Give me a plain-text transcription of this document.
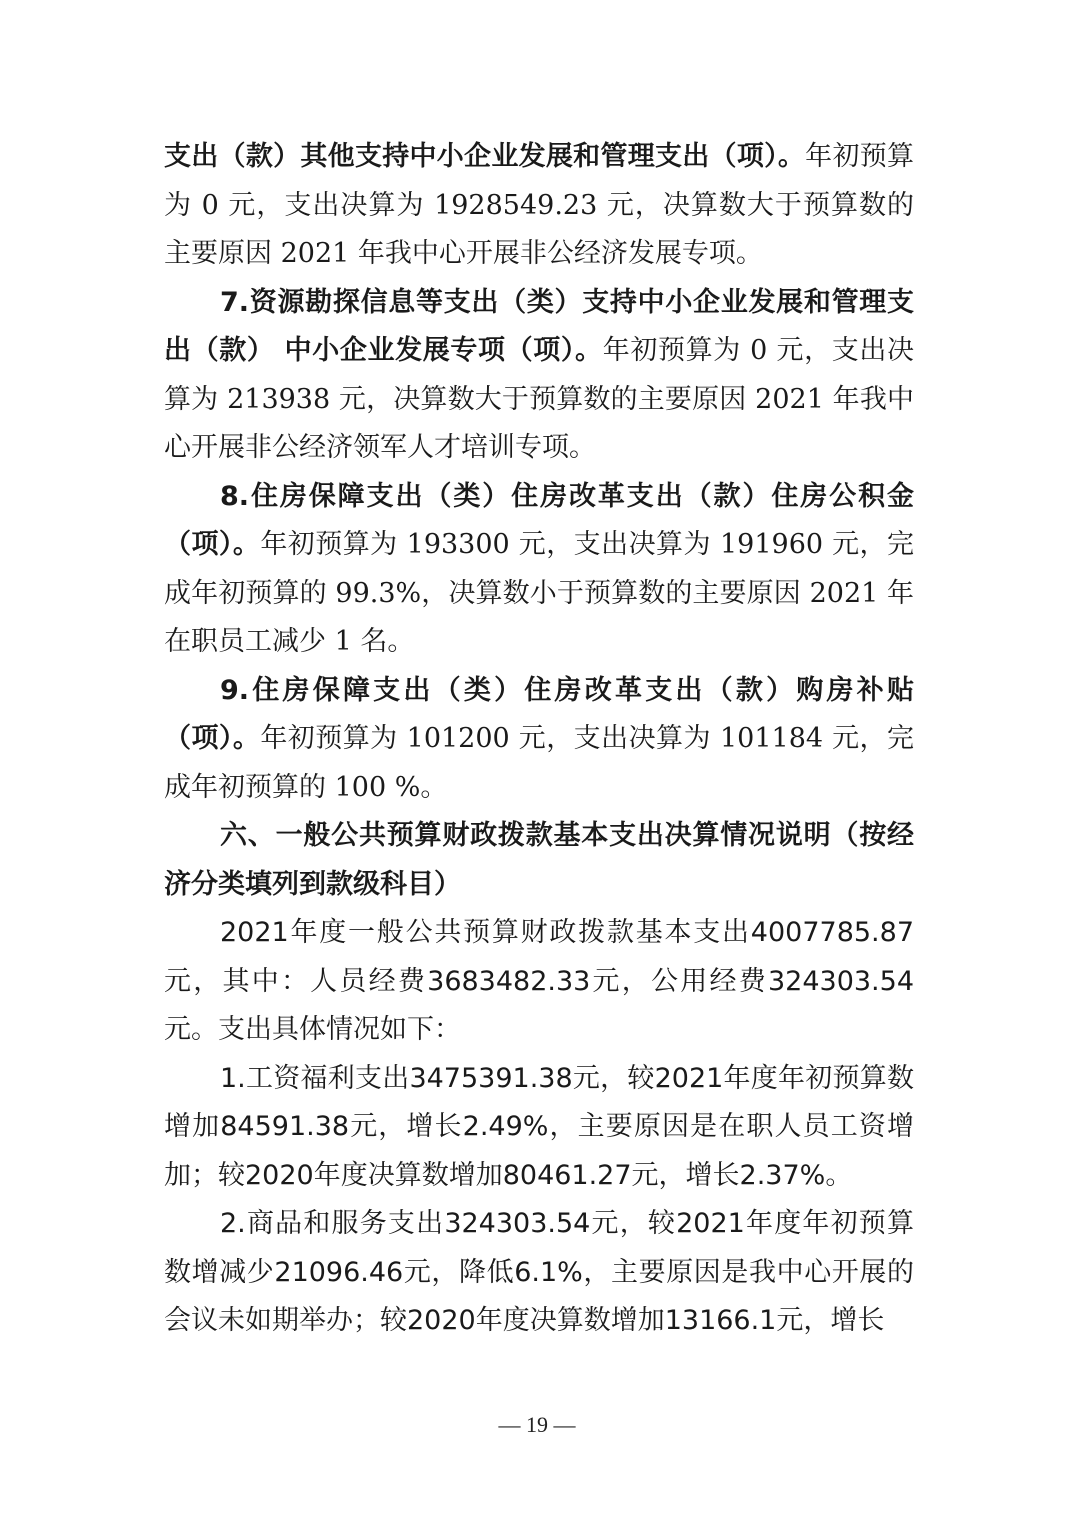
支出（款）其他支持中小企业发展和管理支出（项）。年初预算为 0 元，支出决算为 1928549.23 元，决算数大于预算数的主要原因 2021 年我中心开展非公经济发展专项。

7.资源勘探信息等支出（类）支持中小企业发展和管理支出（款） 中小企业发展专项（项）。年初预算为 0 元，支出决算为 213938 元，决算数大于预算数的主要原因 2021 年我中心开展非公经济领军人才培训专项。

8.住房保障支出（类）住房改革支出（款）住房公积金（项）。年初预算为 193300 元，支出决算为 191960 元，完成年初预算的 99.3%，决算数小于预算数的主要原因 2021 年在职员工减少 1 名。

9.住房保障支出（类）住房改革支出（款）购房补贴（项）。年初预算为 101200 元，支出决算为 101184 元，完成年初预算的 100 %。

六、一般公共预算财政拨款基本支出决算情况说明（按经济分类填列到款级科目）

2021年度一般公共预算财政拨款基本支出4007785.87元，其中：人员经费3683482.33元，公用经费324303.54元。支出具体情况如下：

1.工资福利支出3475391.38元，较2021年度年初预算数增加84591.38元，增长2.49%，主要原因是在职人员工资增加；较2020年度决算数增加80461.27元，增长2.37%。

2.商品和服务支出324303.54元，较2021年度年初预算数增减少21096.46元，降低6.1%，主要原因是我中心开展的会议未如期举办；较2020年度决算数增加13166.1元，增长

— 19 —
